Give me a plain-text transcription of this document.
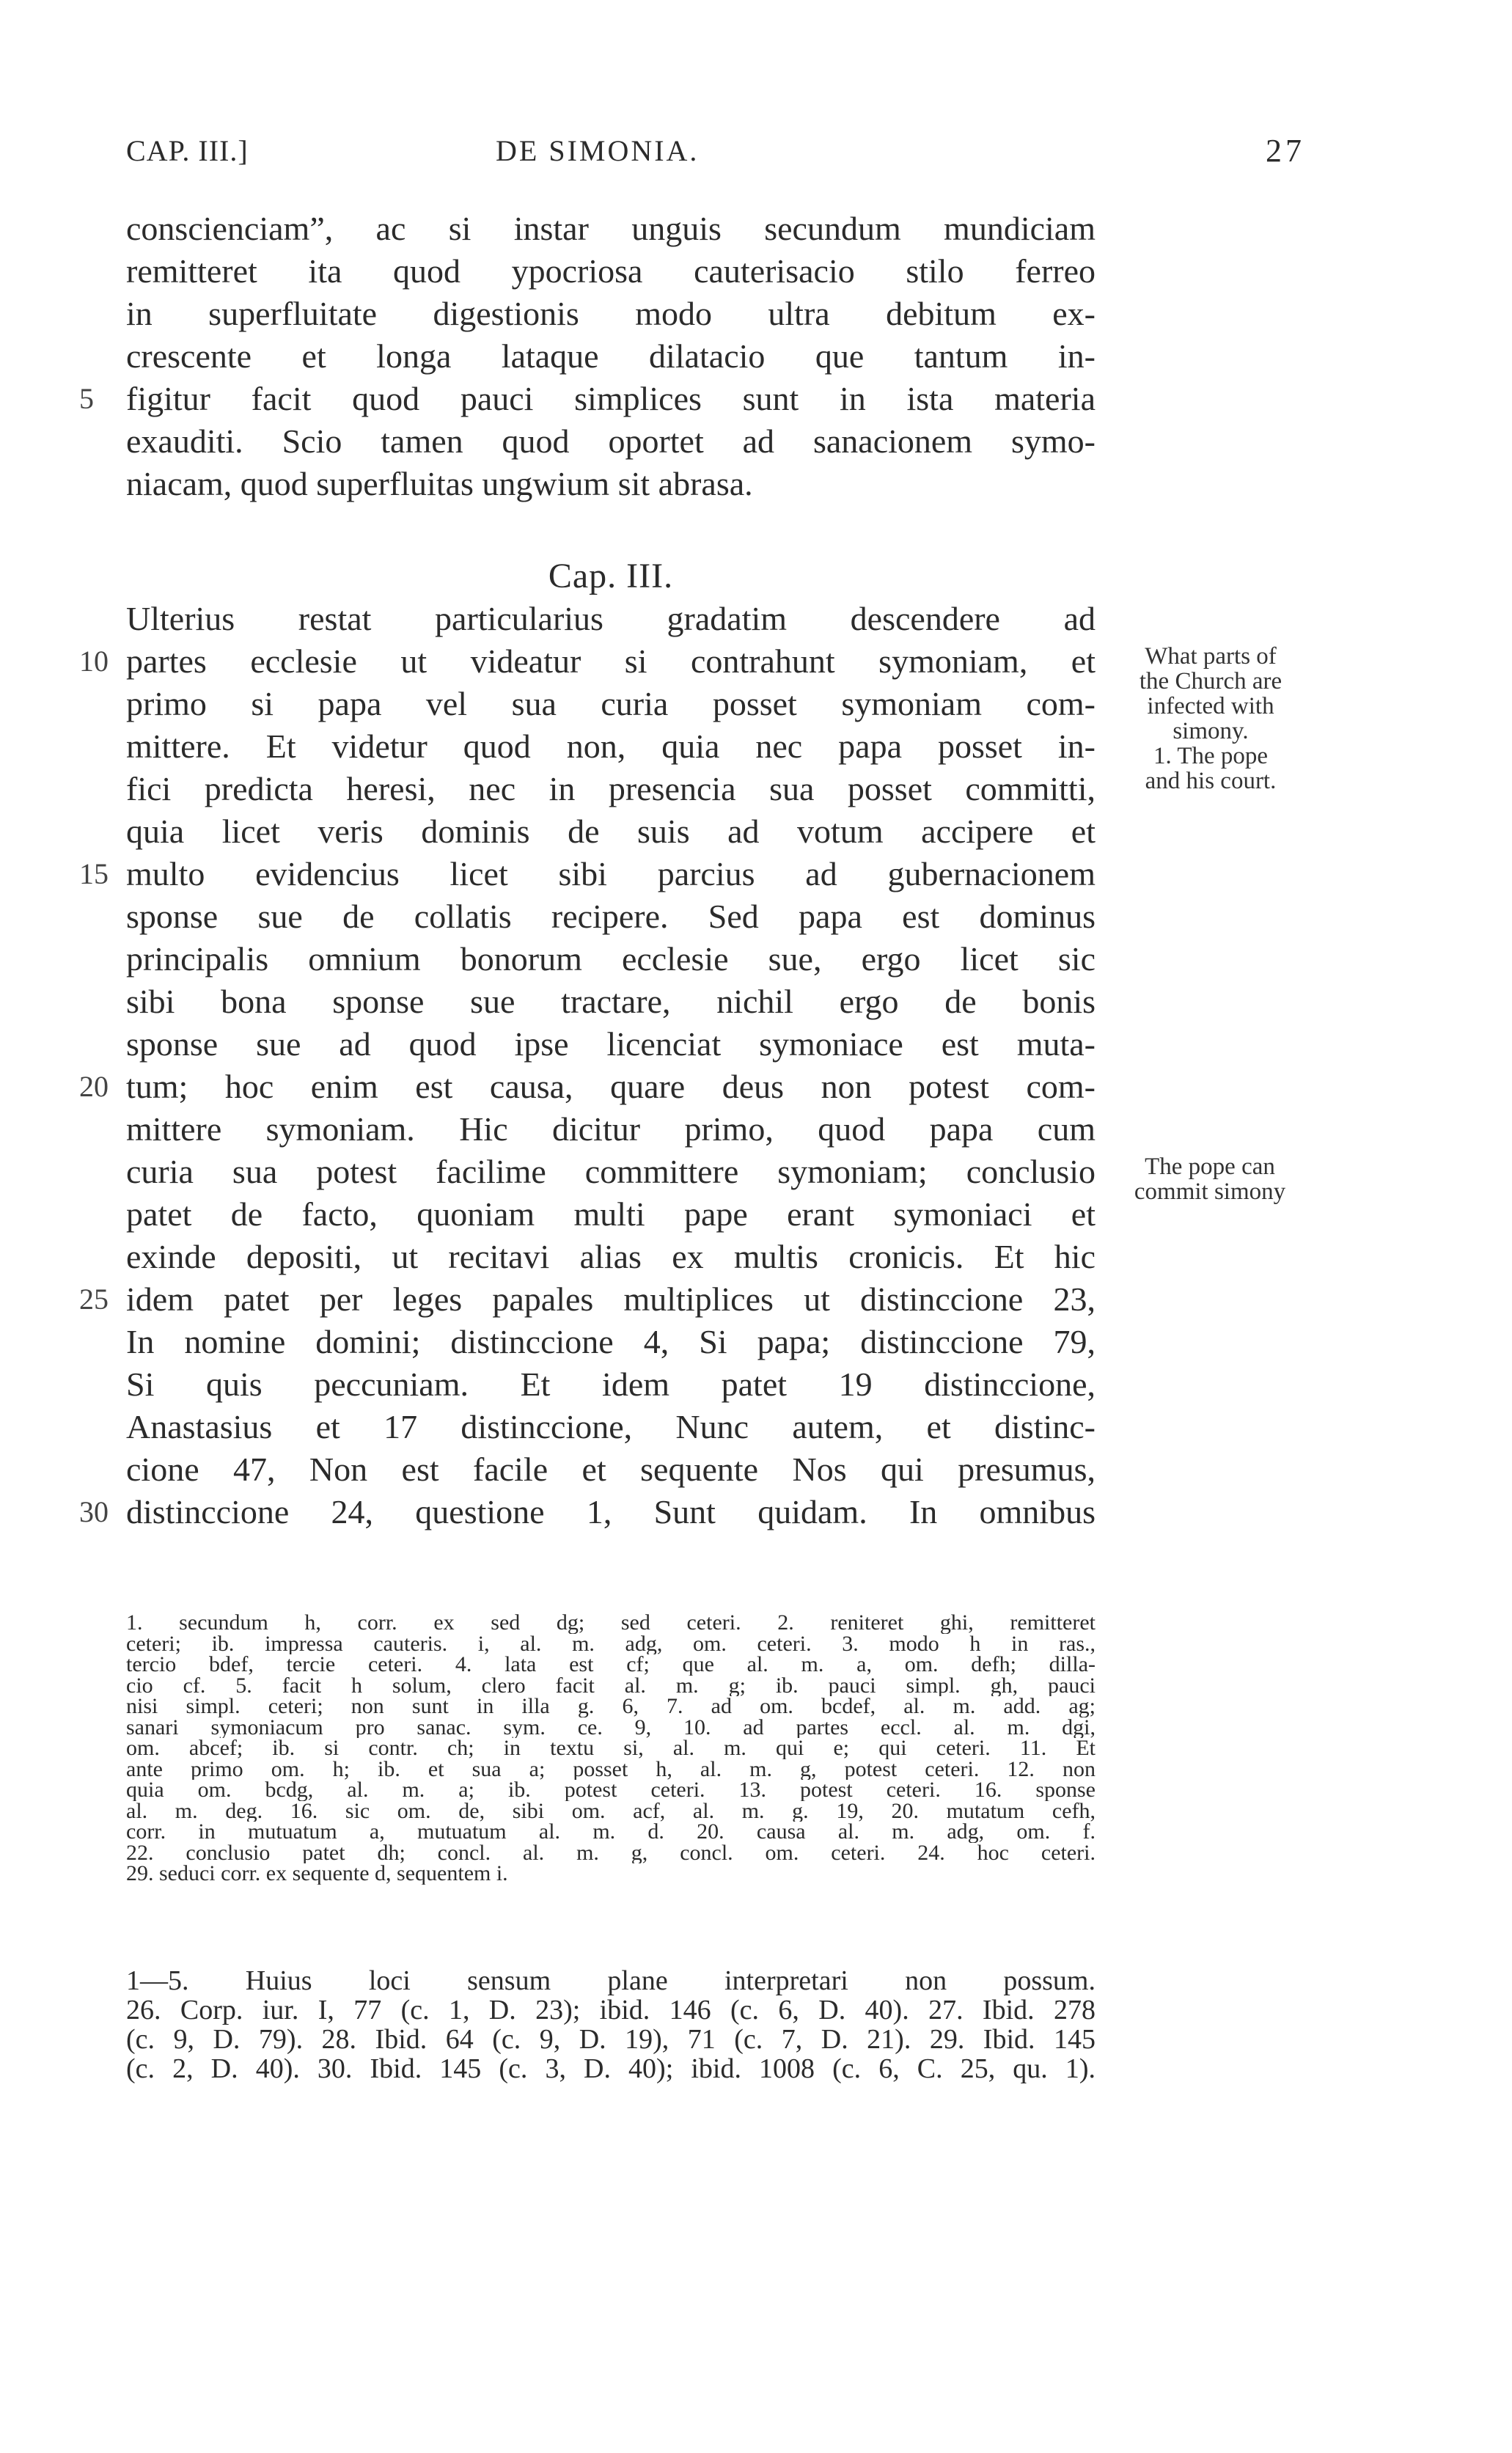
CAP. III.]	DE SIMONIA.	27
conscienciam”, ac si instar unguis secundum mundiciam
remitteret ita quod ypocriosa cauterisacio stilo ferreo
in superfluitate digestionis modo ultra debitum ex-
crescente et longa lataque dilatacio que tantum in-
5 figitur facit quod pauci simplices sunt in ista materia
exauditi. Scio tamen quod oportet ad sanacionem symo-
niacam, quod superfluitas ungwium sit abrasa.
Cap. III.
Ulterius restat particularius gradatim descendere ad
10 partes ecclesie ut videatur si contrahunt symoniam, et
primo si papa vel sua curia posset symoniam com-
mittere. Et videtur quod non, quia nec papa posset in-
fici predicta heresi, nec in presencia sua posset committi,
quia licet veris dominis de suis ad votum accipere et
15 multo evidencius licet sibi parcius ad gubernacionem
sponse sue de collatis recipere. Sed papa est dominus
principalis omnium bonorum ecclesie sue, ergo licet sic
sibi bona sponse sue tractare, nichil ergo de bonis
sponse sue ad quod ipse licenciat symoniace est muta-
20 tum; hoc enim est causa, quare deus non potest com-
mittere symoniam. Hic dicitur primo, quod papa cum
curia sua potest facilime committere symoniam; conclusio
patet de facto, quoniam multi pape erant symoniaci et
exinde depositi, ut recitavi alias ex multis cronicis. Et hic
25 idem patet per leges papales multiplices ut distinccione 23,
In nomine domini; distinccione 4, Si papa; distinccione 79,
Si quis peccuniam. Et idem patet 19 distinccione,
Anastasius et 17 distinccione, Nunc autem, et distinc-
cione 47, Non est facile et sequente Nos qui presumus,
30 distinccione 24, questione 1, Sunt quidam. In omnibus
What parts of
the Church are
infected with
simony.
1. The pope
and his court.
The pope can
commit simony
1. secundum h, corr. ex sed dg; sed ceteri. 2. reniteret ghi, remitteret
ceteri; ib. impressa cauteris. i, al. m. adg, om. ceteri. 3. modo h in ras.,
tercio bdef, tercie ceteri. 4. lata est cf; que al. m. a, om. defh; dilla-
cio cf. 5. facit h solum, clero facit al. m. g; ib. pauci simpl. gh, pauci
nisi simpl. ceteri; non sunt in illa g. 6, 7. ad om. bcdef, al. m. add. ag;
sanari symoniacum pro sanac. sym. ce. 9, 10. ad partes eccl. al. m. dgi,
om. abcef; ib. si contr. ch; in textu si, al. m. qui e; qui ceteri. 11. Et
ante primo om. h; ib. et sua a; posset h, al. m. g, potest ceteri. 12. non
quia om. bcdg, al. m. a; ib. potest ceteri. 13. potest ceteri. 16. sponse
al. m. deg. 16. sic om. de, sibi om. acf, al. m. g. 19, 20. mutatum cefh,
corr. in mutuatum a, mutuatum al. m. d. 20. causa al. m. adg, om. f.
22. conclusio patet dh; concl. al. m. g, concl. om. ceteri. 24. hoc ceteri.
29. seduci corr. ex sequente d, sequentem i.
1—5. Huius loci sensum plane interpretari non possum.
26. Corp. iur. I, 77 (c. 1, D. 23); ibid. 146 (c. 6, D. 40). 27. Ibid. 278
(c. 9, D. 79). 28. Ibid. 64 (c. 9, D. 19), 71 (c. 7, D. 21). 29. Ibid. 145
(c. 2, D. 40). 30. Ibid. 145 (c. 3, D. 40); ibid. 1008 (c. 6, C. 25, qu. 1).
